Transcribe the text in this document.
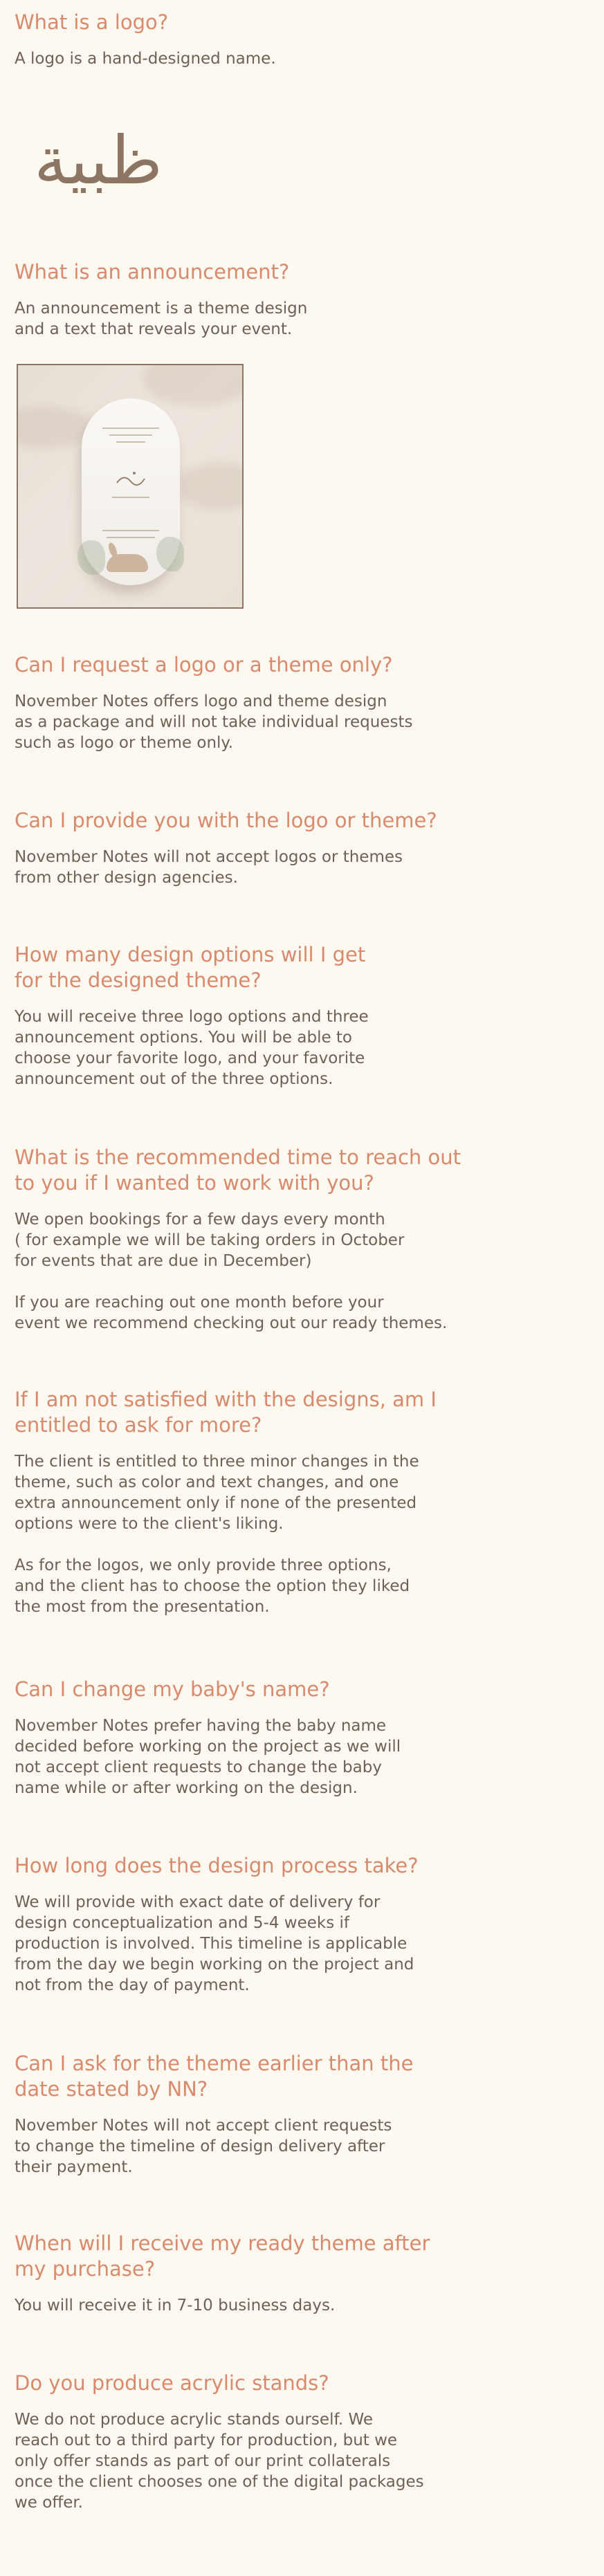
What is a logo?

A logo is a hand-designed name.

ظبية
What is an announcement?

An announcement is a theme design
and a text that reveals your event.

Can I request a logo or a theme only?

November Notes offers logo and theme design
as a package and will not take individual requests
such as logo or theme only.

Can I provide you with the logo or theme?

November Notes will not accept logos or themes
from other design agencies.

How many design options will I get
for the designed theme?

You will receive three logo options and three
announcement options. You will be able to
choose your favorite logo, and your favorite
announcement out of the three options.

What is the recommended time to reach out
to you if I wanted to work with you?

We open bookings for a few days every month
( for example we will be taking orders in October
for events that are due in December)

If you are reaching out one month before your
event we recommend checking out our ready themes.

If I am not satisfied with the designs, am I
entitled to ask for more?

The client is entitled to three minor changes in the
theme, such as color and text changes, and one
extra announcement only if none of the presented
options were to the client's liking.

As for the logos, we only provide three options,
and the client has to choose the option they liked
the most from the presentation.

Can I change my baby's name?

November Notes prefer having the baby name
decided before working on the project as we will
not accept client requests to change the baby
name while or after working on the design.

How long does the design process take?

We will provide with exact date of delivery for
design conceptualization and 5-4 weeks if
production is involved. This timeline is applicable
from the day we begin working on the project and
not from the day of payment.

Can I ask for the theme earlier than the
date stated by NN?

November Notes will not accept client requests
to change the timeline of design delivery after
their payment.

When will I receive my ready theme after
my purchase?

You will receive it in 7-10 business days.

Do you produce acrylic stands?

We do not produce acrylic stands ourself. We
reach out to a third party for production, but we
only offer stands as part of our print collaterals
once the client chooses one of the digital packages
we offer.
